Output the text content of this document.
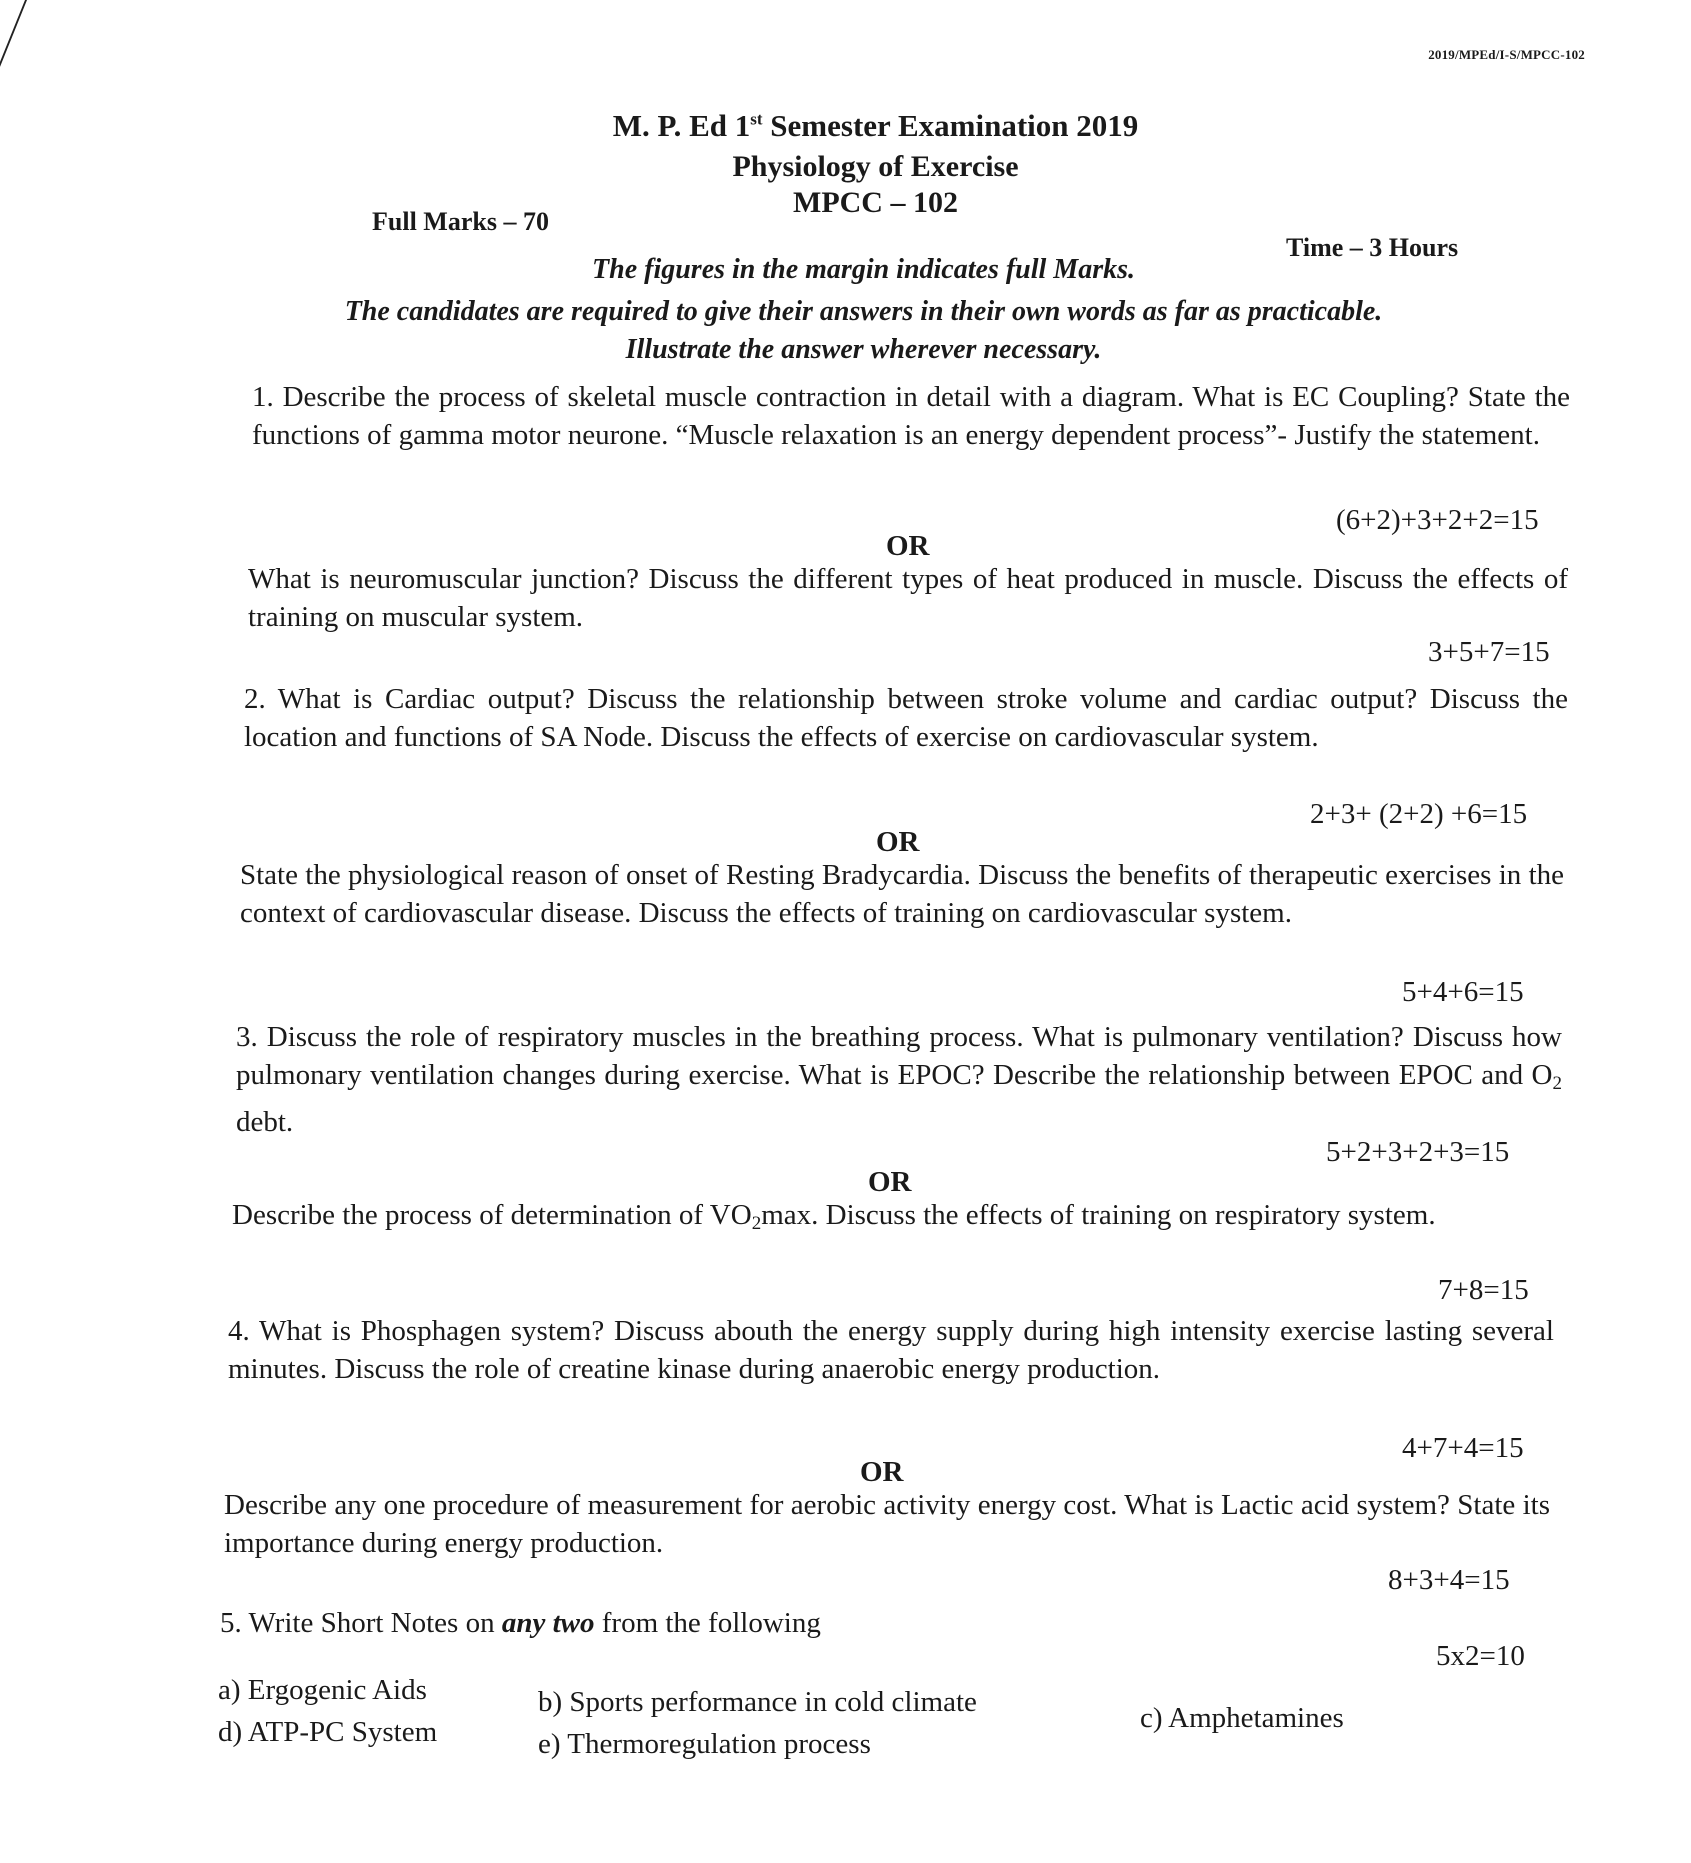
2019/MPEd/I-S/MPCC-102
M. P. Ed 1st Semester Examination 2019
Physiology of Exercise
MPCC – 102
Full Marks – 70
Time – 3 Hours
The figures in the margin indicates full Marks.
The candidates are required to give their answers in their own words as far as practicable.
Illustrate the answer wherever necessary.
1. Describe the process of skeletal muscle contraction in detail with a diagram. What is EC Coupling? State the functions of gamma motor neurone. “Muscle relaxation is an energy dependent process”- Justify the statement.
(6+2)+3+2+2=15
OR
What is neuromuscular junction? Discuss the different types of heat produced in muscle. Discuss the effects of training on muscular system.
3+5+7=15
2. What is Cardiac output? Discuss the relationship between stroke volume and cardiac output? Discuss the location and functions of SA Node. Discuss the effects of exercise on cardiovascular system.
2+3+ (2+2) +6=15
OR
State the physiological reason of onset of Resting Bradycardia. Discuss the benefits of therapeutic exercises in the context of cardiovascular disease. Discuss the effects of training on cardiovascular system.
5+4+6=15
3. Discuss the role of respiratory muscles in the breathing process. What is pulmonary ventilation? Discuss how pulmonary ventilation changes during exercise. What is EPOC? Describe the relationship between EPOC and $O_2$ debt.
5+2+3+2+3=15
OR
Describe the process of determination of $VO_2\max$. Discuss the effects of training on respiratory system.
7+8=15
4. What is Phosphagen system? Discuss abouth the energy supply during high intensity exercise lasting several minutes. Discuss the role of creatine kinase during anaerobic energy production.
4+7+4=15
OR
Describe any one procedure of measurement for aerobic activity energy cost. What is Lactic acid system? State its importance during energy production.
8+3+4=15
5. Write Short Notes on any two from the following
5x2=10
a) Ergogenic Aids	b) Sports performance in cold climate	c) Amphetamines
d) ATP-PC System	e) Thermoregulation process
